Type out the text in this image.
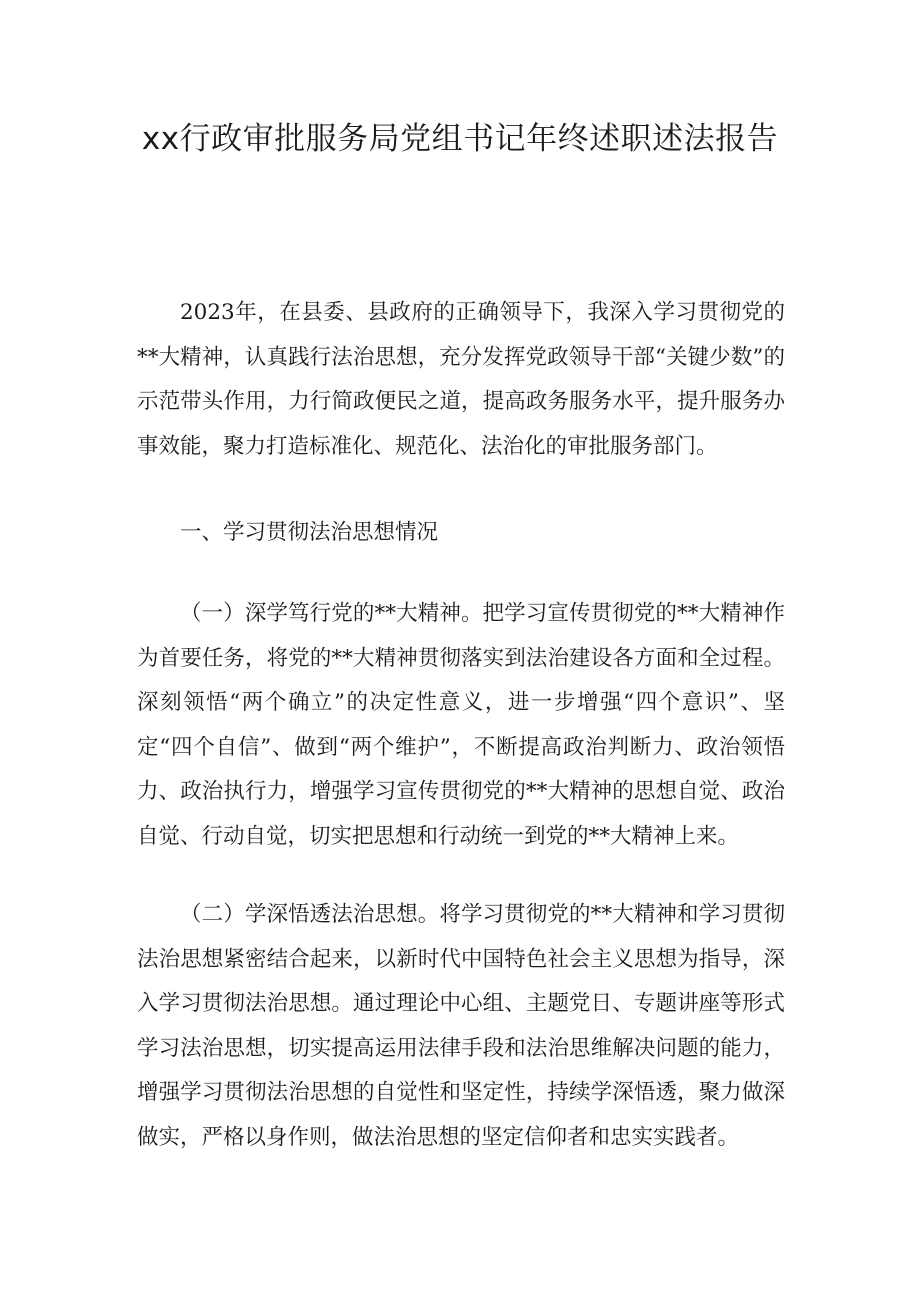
xx行政审批服务局党组书记年终述职述法报告

2023年，在县委、县政府的正确领导下，我深入学习贯彻党的**大精神，认真践行法治思想，充分发挥党政领导干部“关键少数”的示范带头作用，力行简政便民之道，提高政务服务水平，提升服务办事效能，聚力打造标准化、规范化、法治化的审批服务部门。

一、学习贯彻法治思想情况

（一）深学笃行党的**大精神。把学习宣传贯彻党的**大精神作为首要任务，将党的**大精神贯彻落实到法治建设各方面和全过程。深刻领悟“两个确立”的决定性意义，进一步增强“四个意识”、坚定“四个自信”、做到“两个维护”，不断提高政治判断力、政治领悟力、政治执行力，增强学习宣传贯彻党的**大精神的思想自觉、政治自觉、行动自觉，切实把思想和行动统一到党的**大精神上来。

（二）学深悟透法治思想。将学习贯彻党的**大精神和学习贯彻法治思想紧密结合起来，以新时代中国特色社会主义思想为指导，深入学习贯彻法治思想。通过理论中心组、主题党日、专题讲座等形式学习法治思想，切实提高运用法律手段和法治思维解决问题的能力，增强学习贯彻法治思想的自觉性和坚定性，持续学深悟透，聚力做深做实，严格以身作则，做法治思想的坚定信仰者和忠实实践者。
